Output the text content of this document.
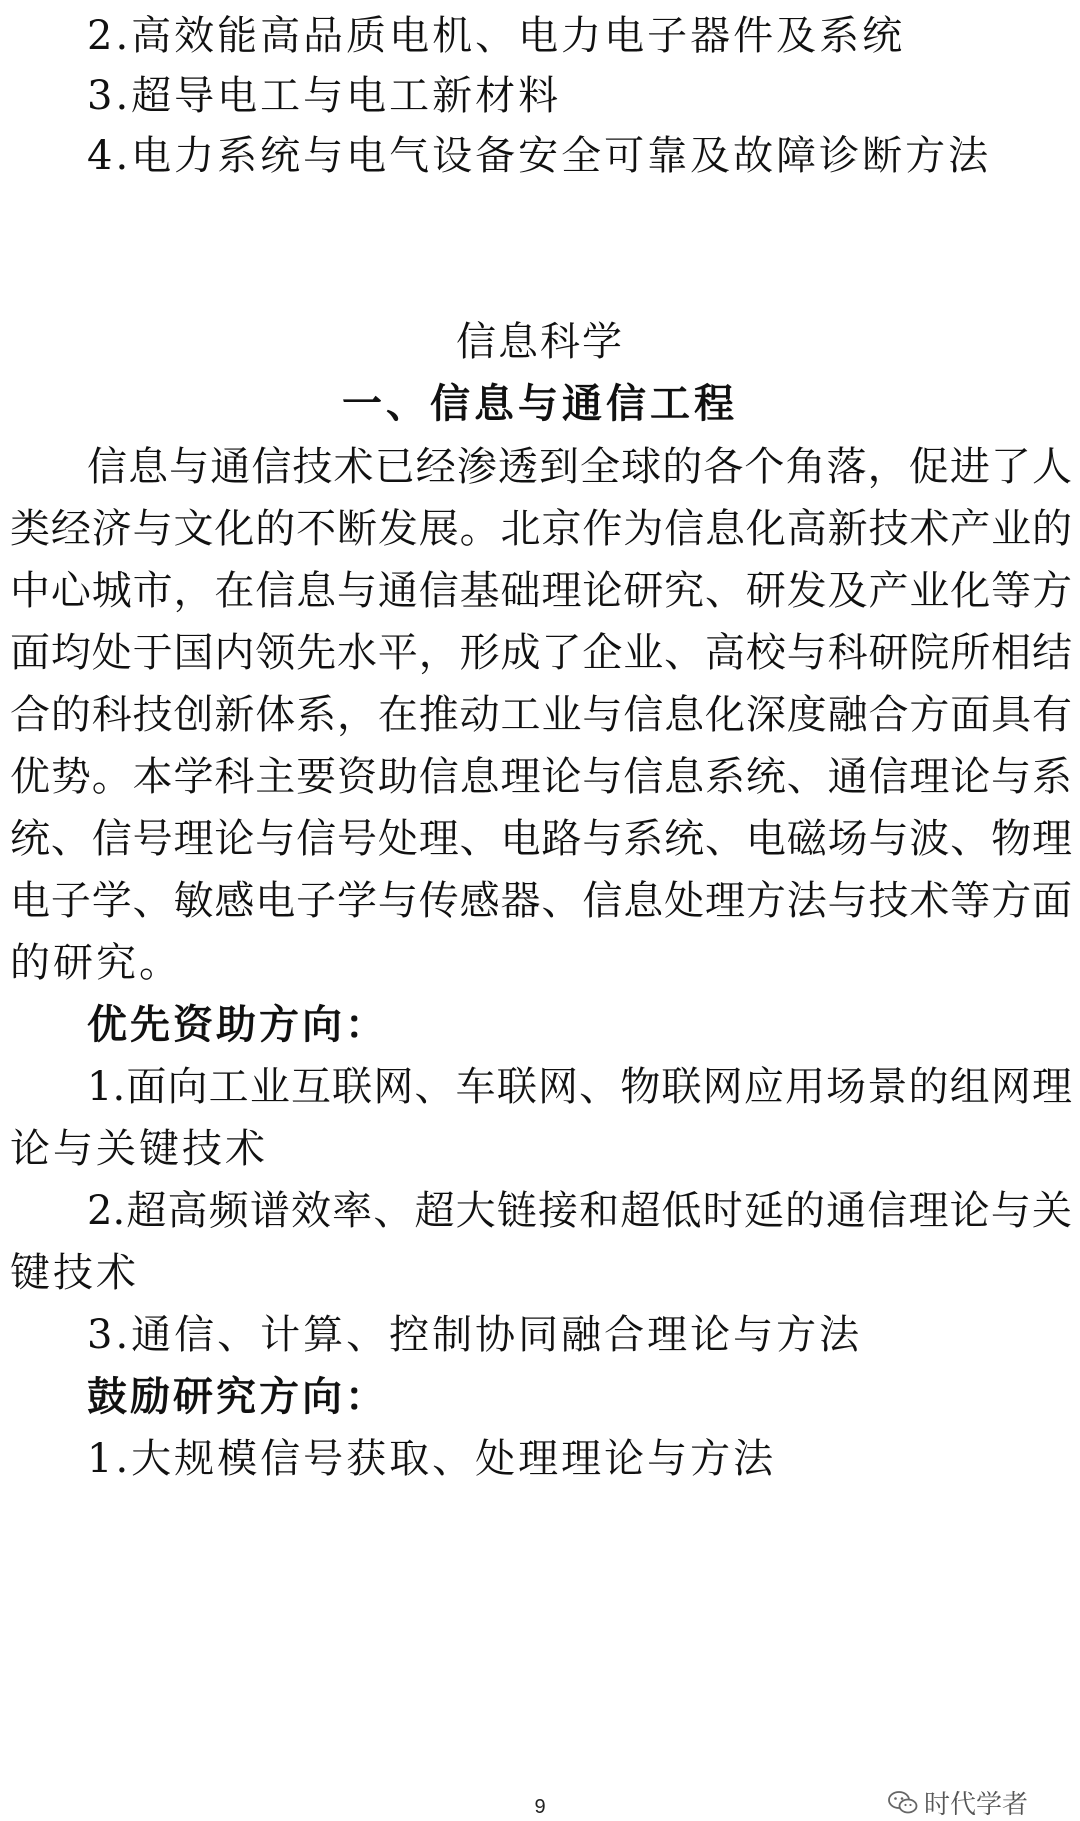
2.高效能高品质电机、电力电子器件及系统
3.超导电工与电工新材料
4.电力系统与电气设备安全可靠及故障诊断方法
信息科学
一、信息与通信工程
信息与通信技术已经渗透到全球的各个角落，促进了人
类经济与文化的不断发展。北京作为信息化高新技术产业的
中心城市，在信息与通信基础理论研究、研发及产业化等方
面均处于国内领先水平，形成了企业、高校与科研院所相结
合的科技创新体系，在推动工业与信息化深度融合方面具有
优势。本学科主要资助信息理论与信息系统、通信理论与系
统、信号理论与信号处理、电路与系统、电磁场与波、物理
电子学、敏感电子学与传感器、信息处理方法与技术等方面
的研究。
优先资助方向：
1.面向工业互联网、车联网、物联网应用场景的组网理
论与关键技术
2.超高频谱效率、超大链接和超低时延的通信理论与关
键技术
3.通信、计算、控制协同融合理论与方法
鼓励研究方向：
1.大规模信号获取、处理理论与方法
时代学者
9
